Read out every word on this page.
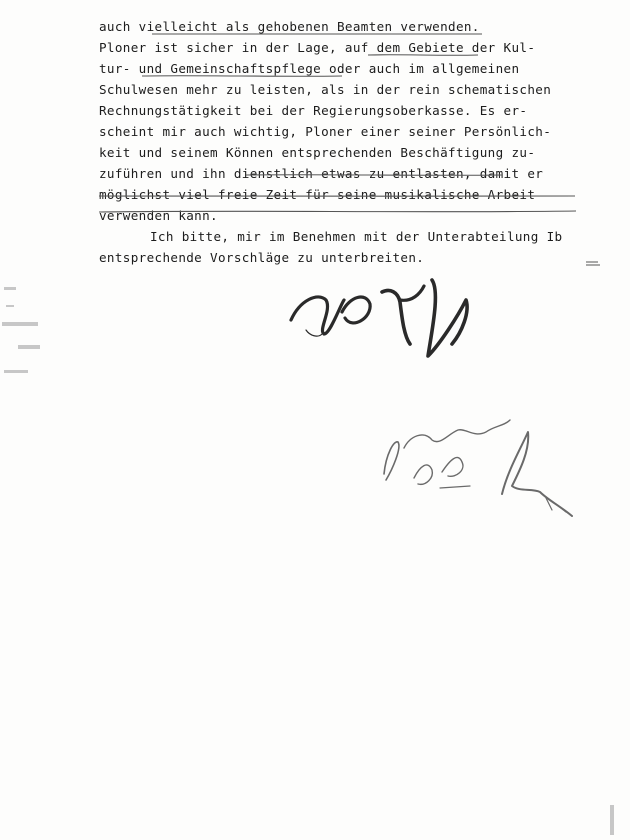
auch vielleicht als gehobenen Beamten verwenden.
Ploner ist sicher in der Lage, auf dem Gebiete der Kul-
tur- und Gemeinschaftspflege oder auch im allgemeinen
Schulwesen mehr zu leisten, als in der rein schematischen
Rechnungstätigkeit bei der Regierungsoberkasse. Es er-
scheint mir auch wichtig, Ploner einer seiner Persönlich-
keit und seinem Können entsprechenden Beschäftigung zu-
zuführen und ihn dienstlich etwas zu entlasten, damit er
möglichst viel freie Zeit für seine musikalische Arbeit
verwenden kann.
Ich bitte, mir im Benehmen mit der Unterabteilung Ib
entsprechende Vorschläge zu unterbreiten.
